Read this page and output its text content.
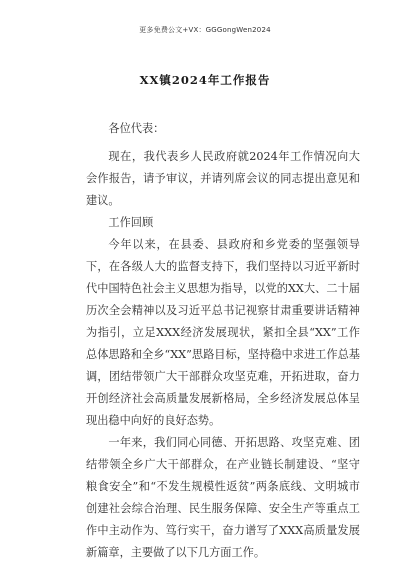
更多免费公文+VX：GGGongWen2024
XX镇2024年工作报告

各位代表：

现在，我代表乡人民政府就2024年工作情况向大会作报告，请予审议，并请列席会议的同志提出意见和建议。

工作回顾

今年以来，在县委、县政府和乡党委的坚强领导下，在各级人大的监督支持下，我们坚持以习近平新时代中国特色社会主义思想为指导，以党的XX大、二十届历次全会精神以及习近平总书记视察甘肃重要讲话精神为指引，立足XXX经济发展现状，紧扣全县“XX”工作总体思路和全乡“XX”思路目标，坚持稳中求进工作总基调，团结带领广大干部群众攻坚克难，开拓进取，奋力开创经济社会高质量发展新格局，全乡经济发展总体呈现出稳中向好的良好态势。

一年来，我们同心同德、开拓思路、攻坚克难、团结带领全乡广大干部群众，在产业链长制建设、“坚守粮食安全”和“不发生规模性返贫”两条底线、文明城市创建社会综合治理、民生服务保障、安全生产等重点工作中主动作为、笃行实干，奋力谱写了XXX高质量发展新篇章，主要做了以下几方面工作。
